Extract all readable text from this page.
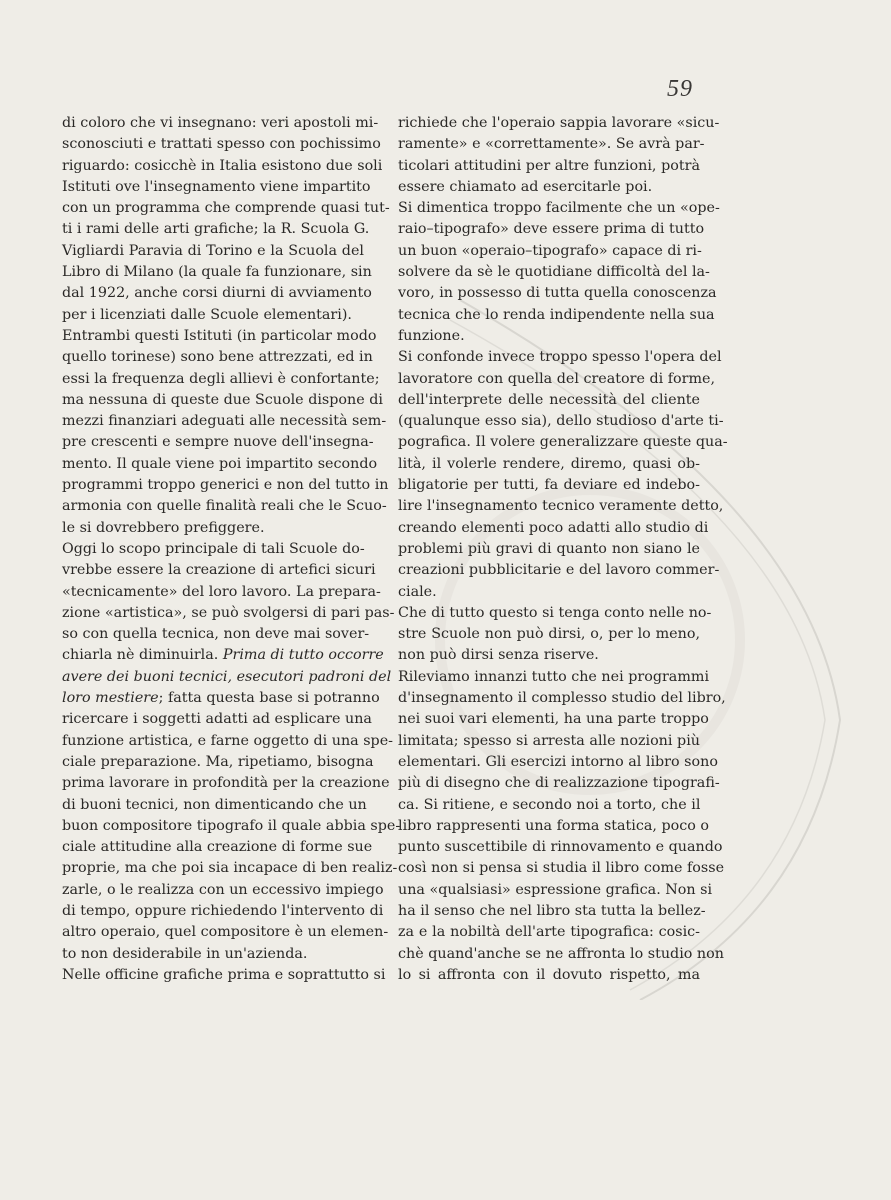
59

di coloro che vi insegnano: veri apostoli mi-
sconosciuti e trattati spesso con pochissimo
riguardo: cosicchè in Italia esistono due soli
Istituti ove l'insegnamento viene impartito
con un programma che comprende quasi tut-
ti i rami delle arti grafiche; la R. Scuola G.
Vigliardi Paravia di Torino e la Scuola del
Libro di Milano (la quale fa funzionare, sin
dal 1922, anche corsi diurni di avviamento
per i licenziati dalle Scuole elementari).

Entrambi questi Istituti (in particolar modo
quello torinese) sono bene attrezzati, ed in
essi la frequenza degli allievi è confortante;
ma nessuna di queste due Scuole dispone di
mezzi finanziari adeguati alle necessità sem-
pre crescenti e sempre nuove dell'insegna-
mento. Il quale viene poi impartito secondo
programmi troppo generici e non del tutto in
armonia con quelle finalità reali che le Scuo-
le si dovrebbero prefiggere.

Oggi lo scopo principale di tali Scuole do-
vrebbe essere la creazione di artefici sicuri
«tecnicamente» del loro lavoro. La prepara-
zione «artistica», se può svolgersi di pari pas-
so con quella tecnica, non deve mai sover-
chiarla nè diminuirla. Prima di tutto occorre
avere dei buoni tecnici, esecutori padroni del
loro mestiere; fatta questa base si potranno
ricercare i soggetti adatti ad esplicare una
funzione artistica, e farne oggetto di una spe-
ciale preparazione. Ma, ripetiamo, bisogna
prima lavorare in profondità per la creazione
di buoni tecnici, non dimenticando che un
buon compositore tipografo il quale abbia spe-
ciale attitudine alla creazione di forme sue
proprie, ma che poi sia incapace di ben realiz-
zarle, o le realizza con un eccessivo impiego
di tempo, oppure richiedendo l'intervento di
altro operaio, quel compositore è un elemen-
to non desiderabile in un'azienda.

Nelle officine grafiche prima e soprattutto si

richiede che l'operaio sappia lavorare «sicu-
ramente» e «correttamente». Se avrà par-
ticolari attitudini per altre funzioni, potrà
essere chiamato ad esercitarle poi.

Si dimentica troppo facilmente che un «ope-
raio–tipografo» deve essere prima di tutto
un buon «operaio–tipografo» capace di ri-
solvere da sè le quotidiane difficoltà del la-
voro, in possesso di tutta quella conoscenza
tecnica che lo renda indipendente nella sua
funzione.

Si confonde invece troppo spesso l'opera del
lavoratore con quella del creatore di forme,
dell'interprete delle necessità del cliente
(qualunque esso sia), dello studioso d'arte ti-
pografica. Il volere generalizzare queste qua-
lità, il volerle rendere, diremo, quasi ob-
bligatorie per tutti, fa deviare ed indebo-
lire l'insegnamento tecnico veramente detto,
creando elementi poco adatti allo studio di
problemi più gravi di quanto non siano le
creazioni pubblicitarie e del lavoro commer-
ciale.

Che di tutto questo si tenga conto nelle no-
stre Scuole non può dirsi, o, per lo meno,
non può dirsi senza riserve.

Rileviamo innanzi tutto che nei programmi
d'insegnamento il complesso studio del libro,
nei suoi vari elementi, ha una parte troppo
limitata; spesso si arresta alle nozioni più
elementari. Gli esercizi intorno al libro sono
più di disegno che di realizzazione tipografi-
ca. Si ritiene, e secondo noi a torto, che il
libro rappresenti una forma statica, poco o
punto suscettibile di rinnovamento e quando
così non si pensa si studia il libro come fosse
una «qualsiasi» espressione grafica. Non si
ha il senso che nel libro sta tutta la bellez-
za e la nobiltà dell'arte tipografica: cosic-
chè quand'anche se ne affronta lo studio non
lo si affronta con il dovuto rispetto, ma
